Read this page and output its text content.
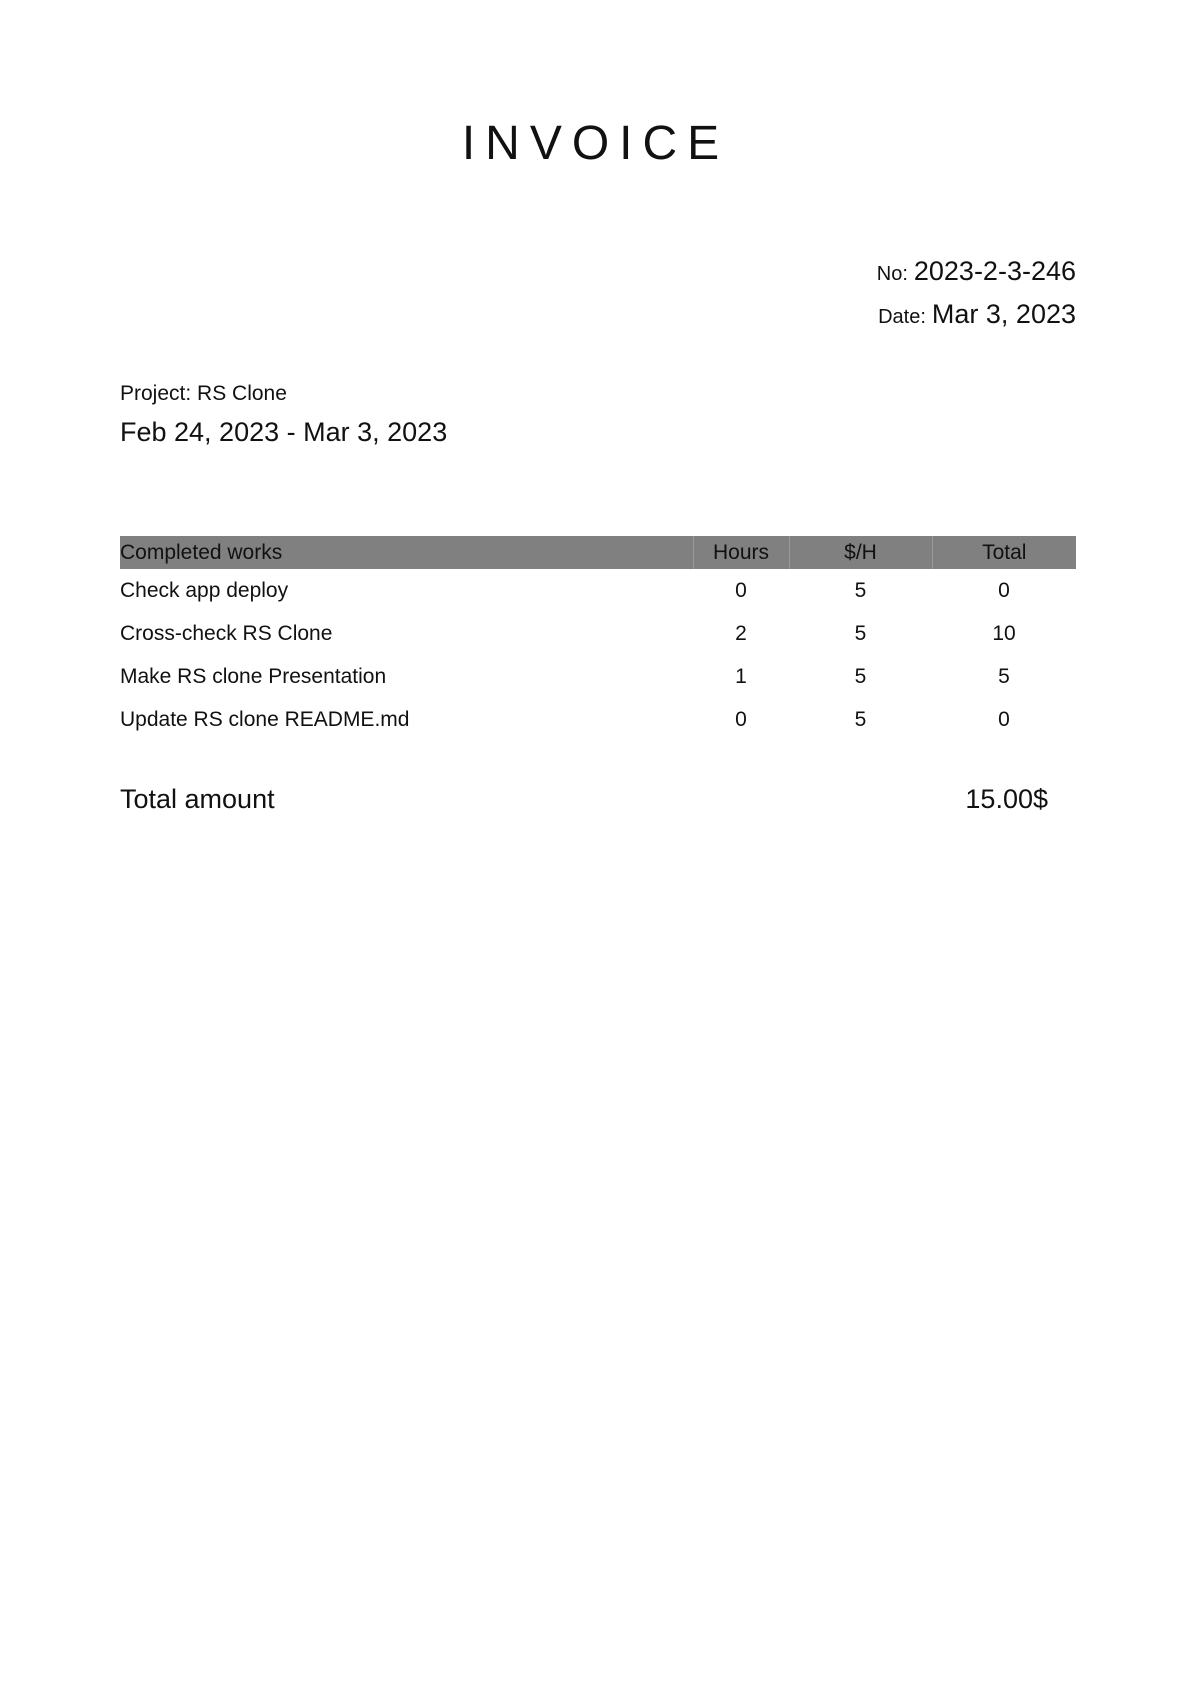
INVOICE
No: 2023-2-3-246
Date: Mar 3, 2023
Project: RS Clone
Feb 24, 2023 - Mar 3, 2023
Completed works	Hours	$/H	Total
Check app deploy	0	5	0
Cross-check RS Clone	2	5	10
Make RS clone Presentation	1	5	5
Update RS clone README.md	0	5	0
Total amount	15.00$
